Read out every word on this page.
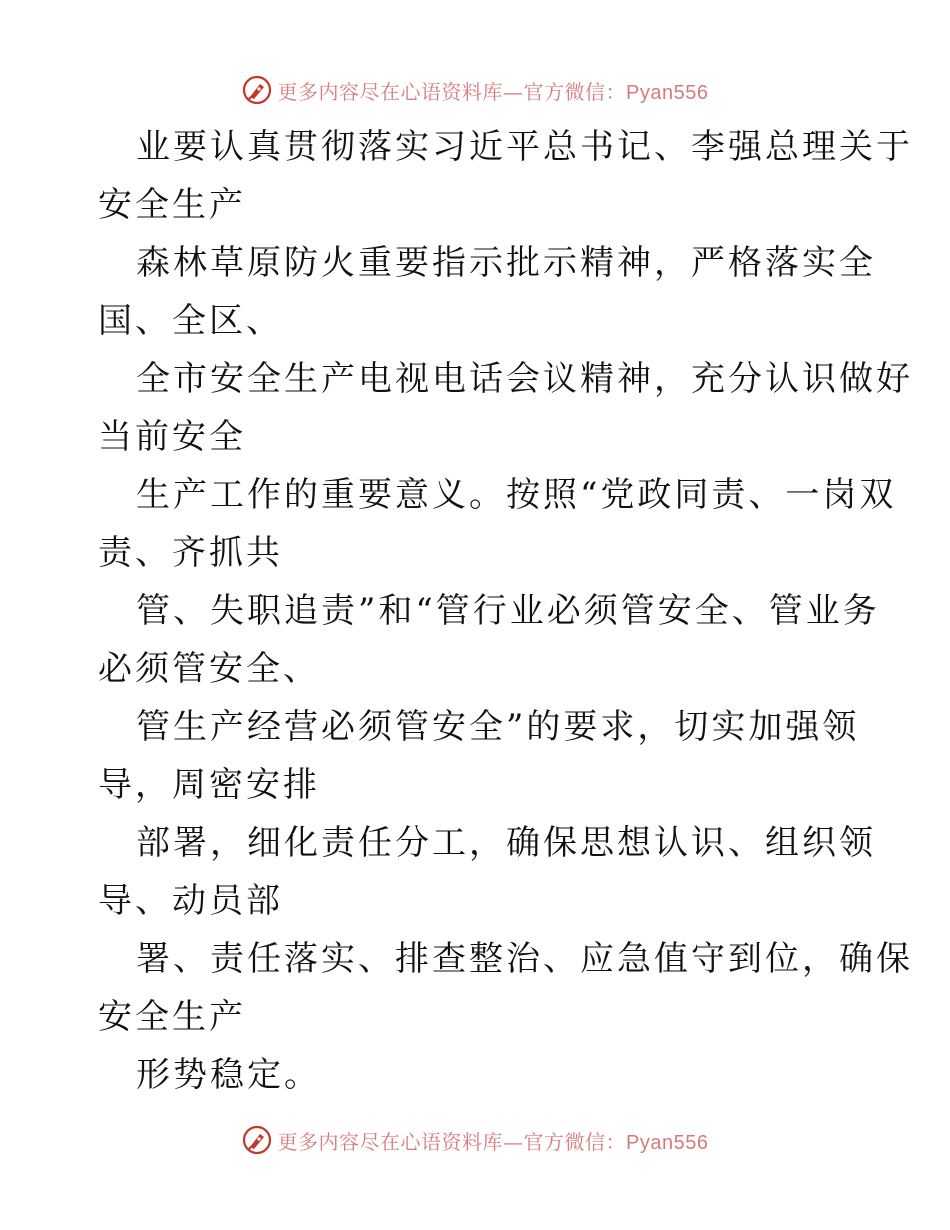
更多内容尽在心语资料库—官方微信：Pyan556
业要认真贯彻落实习近平总书记、李强总理关于
安全生产
森林草原防火重要指示批示精神，严格落实全
国、全区、
全市安全生产电视电话会议精神，充分认识做好
当前安全
生产工作的重要意义。按照“党政同责、一岗双
责、齐抓共
管、失职追责”和“管行业必须管安全、管业务
必须管安全、
管生产经营必须管安全”的要求，切实加强领
导，周密安排
部署，细化责任分工，确保思想认识、组织领
导、动员部
署、责任落实、排查整治、应急值守到位，确保
安全生产
形势稳定。
更多内容尽在心语资料库—官方微信：Pyan556
